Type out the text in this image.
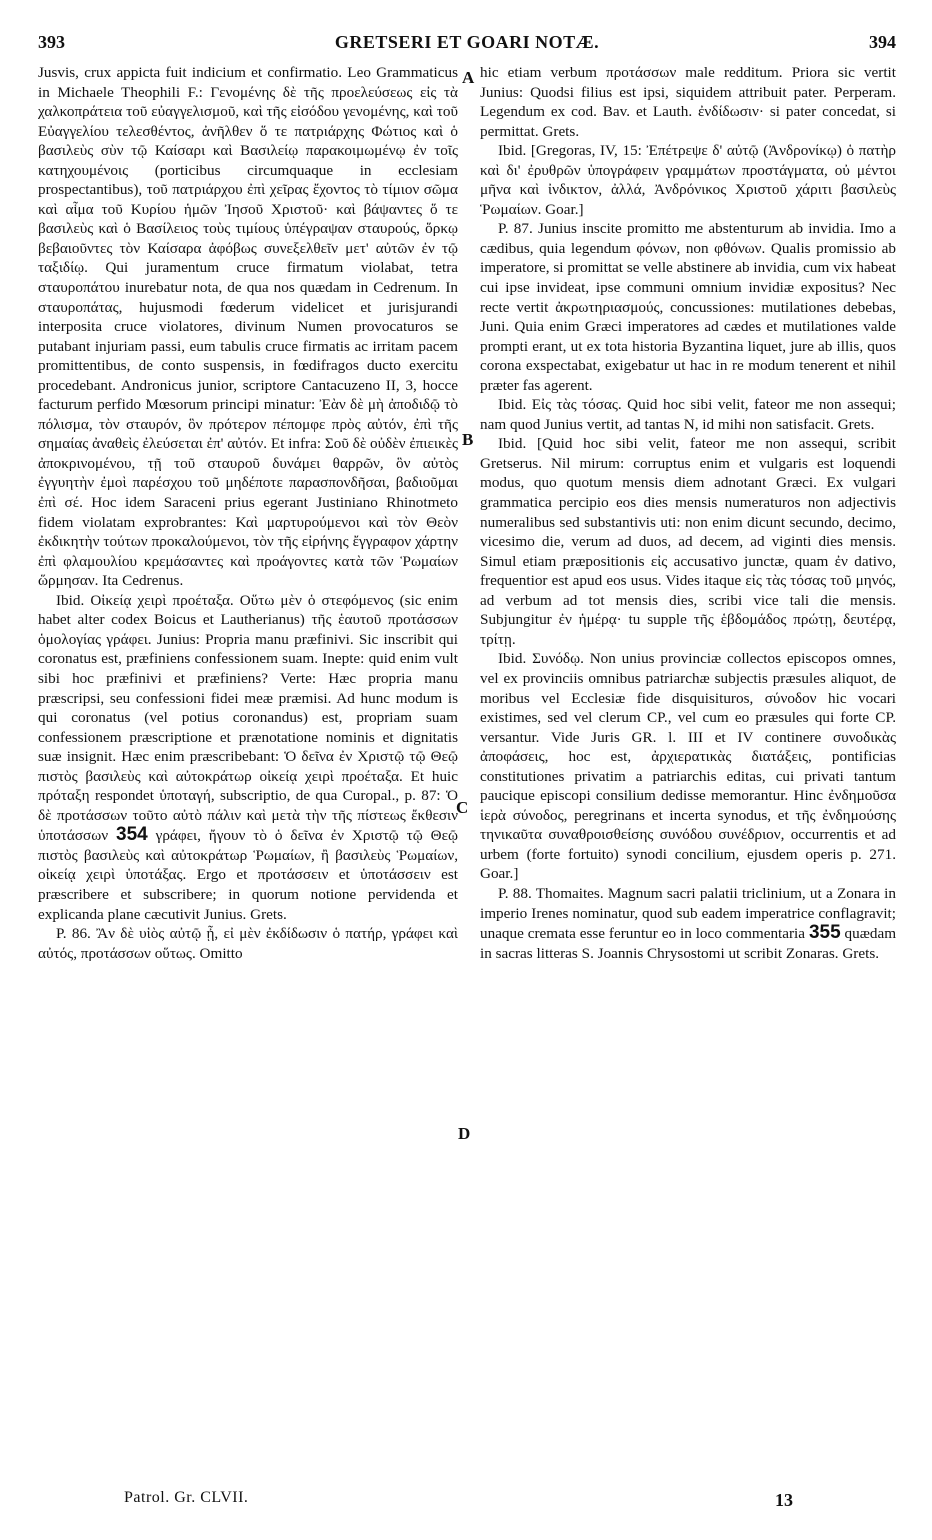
393	GRETSERI ET GOARI NOTÆ.	394
A
B
C
D

Jusvis, crux appicta fuit indicium et confirmatio. Leo Grammaticus in Michaele Theophili F.: Γενομένης δὲ τῆς προελεύσεως εἰς τὰ χαλκοπράτεια τοῦ εὐαγγελισμοῦ, καὶ τῆς εἰσόδου γενομένης, καὶ τοῦ Εὐαγγελίου τελεσθέντος, ἀνῆλθεν ὅ τε πατριάρχης Φώτιος καὶ ὁ βασιλεὺς σὺν τῷ Καίσαρι καὶ Βασιλείῳ παρακοιμωμένῳ ἐν τοῖς κατηχουμένοις (porticibus circumquaque in ecclesiam prospectantibus), τοῦ πατριάρχου ἐπὶ χεῖρας ἔχοντος τὸ τίμιον σῶμα καὶ αἷμα τοῦ Κυρίου ἡμῶν Ἰησοῦ Χριστοῦ· καὶ βάψαντες ὅ τε βασιλεὺς καὶ ὁ Βασίλειος τοὺς τιμίους ὑπέγραψαν σταυρούς, ὅρκῳ βεβαιοῦντες τὸν Καίσαρα ἀφόβως συνεξελθεῖν μετ' αὐτῶν ἐν τῷ ταξιδίῳ. Qui juramentum cruce firmatum violabat, tetra σταυροπάτου inurebatur nota, de qua nos quædam in Cedrenum. In σταυροπάτας, hujusmodi fœderum videlicet et jurisjurandi interposita cruce violatores, divinum Numen provocaturos se putabant injuriam passi, eum tabulis cruce firmatis ac irritam pacem promittentibus, de conto suspensis, in fœdifragos ducto exercitu procedebant. Andronicus junior, scriptore Cantacuzeno II, 3, hocce facturum perfido Mœsorum principi minatur: Ἐὰν δὲ μὴ ἀποδιδῷ τὸ πόλισμα, τὸν σταυρόν, ὃν πρότερον πέπομφε πρὸς αὐτόν, ἐπὶ τῆς σημαίας ἀναθεὶς ἐλεύσεται ἐπ' αὐτόν. Et infra: Σοῦ δὲ οὐδὲν ἐπιεικὲς ἀποκρινομένου, τῇ τοῦ σταυροῦ δυνάμει θαρρῶν, ὃν αὐτὸς ἐγγυητὴν ἐμοὶ παρέσχου τοῦ μηδέποτε παρασπονδῆσαι, βαδιοῦμαι ἐπὶ σέ. Hoc idem Saraceni prius egerant Justiniano Rhinotmeto fidem violatam exprobrantes: Καὶ μαρτυρούμενοι καὶ τὸν Θεὸν ἐκδικητὴν τούτων προκαλούμενοι, τὸν τῆς εἰρήνης ἔγγραφον χάρτην ἐπὶ φλαμουλίου κρεμάσαντες καὶ προάγοντες κατὰ τῶν Ῥωμαίων ὥρμησαν. Ita Cedrenus.

Ibid. Οἰκείᾳ χειρὶ προέταξα. Οὕτω μὲν ὁ στεφόμενος (sic enim habet alter codex Boicus et Lautherianus) τῆς ἑαυτοῦ προτάσσων ὁμολογίας γράφει. Junius: Propria manu præfinivi. Sic inscribit qui coronatus est, præfiniens confessionem suam. Inepte: quid enim vult sibi hoc præfinivi et præfiniens? Verte: Hæc propria manu præscripsi, seu confessioni fidei meæ præmisi. Ad hunc modum is qui coronatus (vel potius coronandus) est, propriam suam confessionem præscriptione et prænotatione nominis et dignitatis suæ insignit. Hæc enim præscribebant: Ὁ δεῖνα ἐν Χριστῷ τῷ Θεῷ πιστὸς βασιλεὺς καὶ αὐτοκράτωρ οἰκείᾳ χειρὶ προέταξα. Et huic πρόταξη respondet ὑποταγή, subscriptio, de qua Curopal., p. 87: Ὁ δὲ προτάσσων τοῦτο αὐτὸ πάλιν καὶ μετὰ τὴν τῆς πίστεως ἔκθεσιν ὑποτάσσων 354 γράφει, ἤγουν τὸ ὁ δεῖνα ἐν Χριστῷ τῷ Θεῷ πιστὸς βασιλεὺς καὶ αὐτοκράτωρ Ῥωμαίων, ἢ βασιλεὺς Ῥωμαίων, οἰκείᾳ χειρὶ ὑποτάξας. Ergo et προτάσσειν et ὑποτάσσειν est præscribere et subscribere; in quorum notione pervidenda et explicanda plane cæcutivit Junius. Grets.

P. 86. Ἂν δὲ υἱὸς αὐτῷ ᾖ, εἰ μὲν ἐκδίδωσιν ὁ πατήρ, γράφει καὶ αὐτός, προτάσσων οὕτως. Omitto

hic etiam verbum προτάσσων male redditum. Priora sic vertit Junius: Quodsi filius est ipsi, siquidem attribuit pater. Perperam. Legendum ex cod. Bav. et Lauth. ἐνδίδωσιν· si pater concedat, si permittat. Grets.

Ibid. [Gregoras, IV, 15: Ἐπέτρεψε δ' αὐτῷ (Ἀνδρονίκῳ) ὁ πατὴρ καὶ δι' ἐρυθρῶν ὑπογράφειν γραμμάτων προστάγματα, οὐ μέντοι μῆνα καὶ ἰνδικτον, ἀλλά, Ἀνδρόνικος Χριστοῦ χάριτι βασιλεὺς Ῥωμαίων. Goar.]

P. 87. Junius inscite promitto me abstenturum ab invidia. Imo a cædibus, quia legendum φόνων, non φθόνων. Qualis promissio ab imperatore, si promittat se velle abstinere ab invidia, cum vix habeat cui ipse invideat, ipse communi omnium invidiæ expositus? Nec recte vertit ἀκρωτηριασμούς, concussiones: mutilationes debebas, Juni. Quia enim Græci imperatores ad cædes et mutilationes valde prompti erant, ut ex tota historia Byzantina liquet, jure ab illis, quos corona exspectabat, exigebatur ut hac in re modum tenerent et nihil præter fas agerent.

Ibid. Εἰς τὰς τόσας. Quid hoc sibi velit, fateor me non assequi; nam quod Junius vertit, ad tantas N, id mihi non satisfacit. Grets.

Ibid. [Quid hoc sibi velit, fateor me non assequi, scribit Gretserus. Nil mirum: corruptus enim et vulgaris est loquendi modus, quo quotum mensis diem adnotant Græci. Ex vulgari grammatica percipio eos dies mensis numeraturos non adjectivis numeralibus sed substantivis uti: non enim dicunt secundo, decimo, vicesimo die, verum ad duos, ad decem, ad viginti dies mensis. Simul etiam præpositionis εἰς accusativo junctæ, quam ἐν dativo, frequentior est apud eos usus. Vides itaque εἰς τὰς τόσας τοῦ μηνός, ad verbum ad tot mensis dies, scribi vice tali die mensis. Subjungitur ἐν ἡμέρᾳ· tu supple τῆς ἑβδομάδος πρώτῃ, δευτέρᾳ, τρίτῃ.

Ibid. Συνόδῳ. Non unius provinciæ collectos episcopos omnes, vel ex provinciis omnibus patriarchæ subjectis præsules aliquot, de moribus vel Ecclesiæ fide disquisituros, σύνοδον hic vocari existimes, sed vel clerum CP., vel cum eo præsules qui forte CP. versantur. Vide Juris GR. l. III et IV continere συνοδικὰς ἀποφάσεις, hoc est, ἀρχιερατικὰς διατάξεις, pontificias constitutiones privatim a patriarchis editas, cui privati tantum paucique episcopi consilium dedisse memorantur. Hinc ἐνδημοῦσα ἱερὰ σύνοδος, peregrinans et incerta synodus, et τῆς ἐνδημούσης τηνικαῦτα συναθροισθείσης συνόδου συνέδριον, occurrentis et ad urbem (forte fortuito) synodi concilium, ejusdem operis p. 271. Goar.]

P. 88. Thomaites. Magnum sacri palatii triclinium, ut a Zonara in imperio Irenes nominatur, quod sub eadem imperatrice conflagravit; unaque cremata esse feruntur eo in loco commentaria 355 quædam in sacras litteras S. Joannis Chrysostomi ut scribit Zonaras. Grets.

Patrol. Gr. CLVII.	13
